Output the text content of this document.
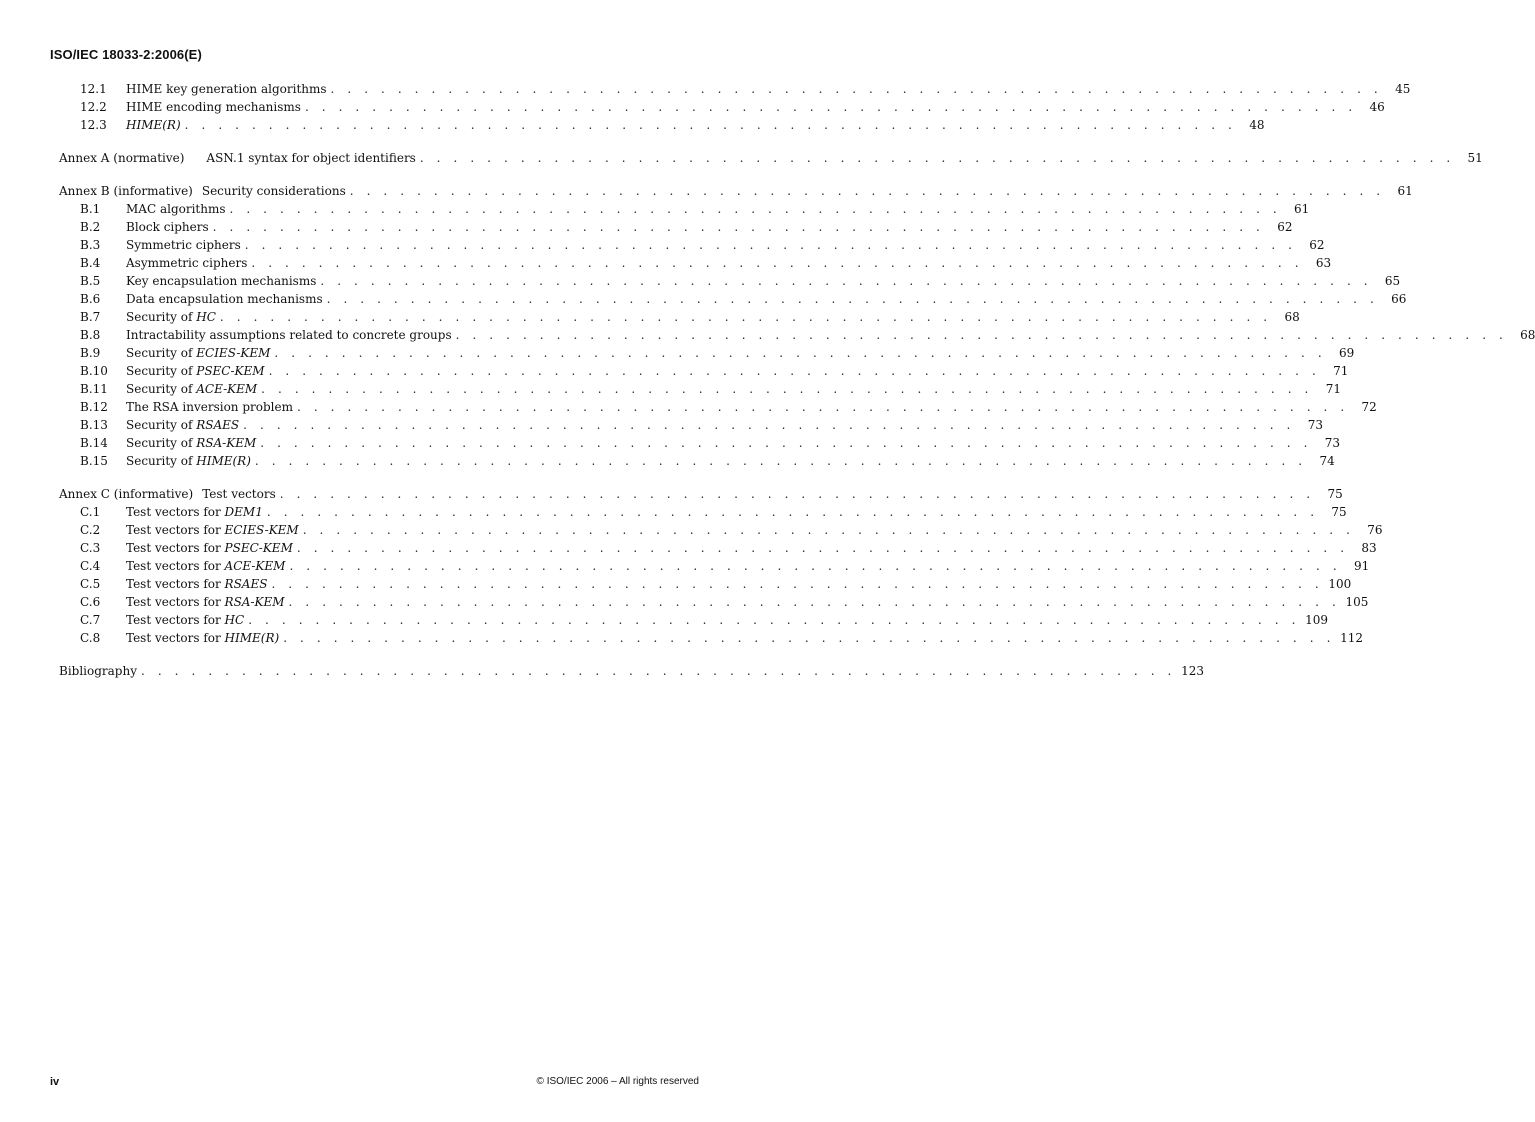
ISO/IEC 18033-2:2006(E)
12.1	HIME key generation algorithms . . . . . . . . . . . . . . . . . . . . . . . . . . . . . . . . . . . . . . . . . . . . . . . . . . . . . . . . . . . . . . .	45
12.2	HIME encoding mechanisms . . . . . . . . . . . . . . . . . . . . . . . . . . . . . . . . . . . . . . . . . . . . . . . . . . . . . . . . . . . . . . .	46
12.3	HIME(R) . . . . . . . . . . . . . . . . . . . . . . . . . . . . . . . . . . . . . . . . . . . . . . . . . . . . . . . . . . . . . . .	48
Annex A (normative)	ASN.1 syntax for object identifiers . . . . . . . . . . . . . . . . . . . . . . . . . . . . . . . . . . . . . . . . . . . . . . . . . . . . . . . . . . . . . .	51
Annex B (informative) Security considerations . . . . . . . . . . . . . . . . . . . . . . . . . . . . . . . . . . . . . . . . . . . . . . . . . . . . . . . . . . . . . .	61
B.1	MAC algorithms . . . . . . . . . . . . . . . . . . . . . . . . . . . . . . . . . . . . . . . . . . . . . . . . . . . . . . . . . . . . . . .	61
B.2	Block ciphers . . . . . . . . . . . . . . . . . . . . . . . . . . . . . . . . . . . . . . . . . . . . . . . . . . . . . . . . . . . . . . .	62
B.3	Symmetric ciphers . . . . . . . . . . . . . . . . . . . . . . . . . . . . . . . . . . . . . . . . . . . . . . . . . . . . . . . . . . . . . . .	62
B.4	Asymmetric ciphers . . . . . . . . . . . . . . . . . . . . . . . . . . . . . . . . . . . . . . . . . . . . . . . . . . . . . . . . . . . . . . .	63
B.5	Key encapsulation mechanisms . . . . . . . . . . . . . . . . . . . . . . . . . . . . . . . . . . . . . . . . . . . . . . . . . . . . . . . . . . . . . . .	65
B.6	Data encapsulation mechanisms . . . . . . . . . . . . . . . . . . . . . . . . . . . . . . . . . . . . . . . . . . . . . . . . . . . . . . . . . . . . . . .	66
B.7	Security of HC . . . . . . . . . . . . . . . . . . . . . . . . . . . . . . . . . . . . . . . . . . . . . . . . . . . . . . . . . . . . . . .	68
B.8	Intractability assumptions related to concrete groups . . . . . . . . . . . . . . . . . . . . . . . . . . . . . . . . . . . . . . . . . . . . . . . . . . . . . . . . . . . . . . .	68
B.9	Security of ECIES-KEM . . . . . . . . . . . . . . . . . . . . . . . . . . . . . . . . . . . . . . . . . . . . . . . . . . . . . . . . . . . . . . .	69
B.10	Security of PSEC-KEM . . . . . . . . . . . . . . . . . . . . . . . . . . . . . . . . . . . . . . . . . . . . . . . . . . . . . . . . . . . . . . .	71
B.11	Security of ACE-KEM . . . . . . . . . . . . . . . . . . . . . . . . . . . . . . . . . . . . . . . . . . . . . . . . . . . . . . . . . . . . . . .	71
B.12	The RSA inversion problem . . . . . . . . . . . . . . . . . . . . . . . . . . . . . . . . . . . . . . . . . . . . . . . . . . . . . . . . . . . . . . .	72
B.13	Security of RSAES . . . . . . . . . . . . . . . . . . . . . . . . . . . . . . . . . . . . . . . . . . . . . . . . . . . . . . . . . . . . . . .	73
B.14	Security of RSA-KEM . . . . . . . . . . . . . . . . . . . . . . . . . . . . . . . . . . . . . . . . . . . . . . . . . . . . . . . . . . . . . . .	73
B.15	Security of HIME(R) . . . . . . . . . . . . . . . . . . . . . . . . . . . . . . . . . . . . . . . . . . . . . . . . . . . . . . . . . . . . . . .	74
Annex C (informative) Test vectors . . . . . . . . . . . . . . . . . . . . . . . . . . . . . . . . . . . . . . . . . . . . . . . . . . . . . . . . . . . . . .	75
C.1	Test vectors for DEM1 . . . . . . . . . . . . . . . . . . . . . . . . . . . . . . . . . . . . . . . . . . . . . . . . . . . . . . . . . . . . . . .	75
C.2	Test vectors for ECIES-KEM . . . . . . . . . . . . . . . . . . . . . . . . . . . . . . . . . . . . . . . . . . . . . . . . . . . . . . . . . . . . . . .	76
C.3	Test vectors for PSEC-KEM . . . . . . . . . . . . . . . . . . . . . . . . . . . . . . . . . . . . . . . . . . . . . . . . . . . . . . . . . . . . . . .	83
C.4	Test vectors for ACE-KEM . . . . . . . . . . . . . . . . . . . . . . . . . . . . . . . . . . . . . . . . . . . . . . . . . . . . . . . . . . . . . . .	91
C.5	Test vectors for RSAES . . . . . . . . . . . . . . . . . . . . . . . . . . . . . . . . . . . . . . . . . . . . . . . . . . . . . . . . . . . . . . . 100
C.6	Test vectors for RSA-KEM . . . . . . . . . . . . . . . . . . . . . . . . . . . . . . . . . . . . . . . . . . . . . . . . . . . . . . . . . . . . . . . 105
C.7	Test vectors for HC . . . . . . . . . . . . . . . . . . . . . . . . . . . . . . . . . . . . . . . . . . . . . . . . . . . . . . . . . . . . . . . 109
C.8	Test vectors for HIME(R) . . . . . . . . . . . . . . . . . . . . . . . . . . . . . . . . . . . . . . . . . . . . . . . . . . . . . . . . . . . . . . . 112
Bibliography . . . . . . . . . . . . . . . . . . . . . . . . . . . . . . . . . . . . . . . . . . . . . . . . . . . . . . . . . . . . . . 123
iv	© ISO/IEC 2006 – All rights reserved
